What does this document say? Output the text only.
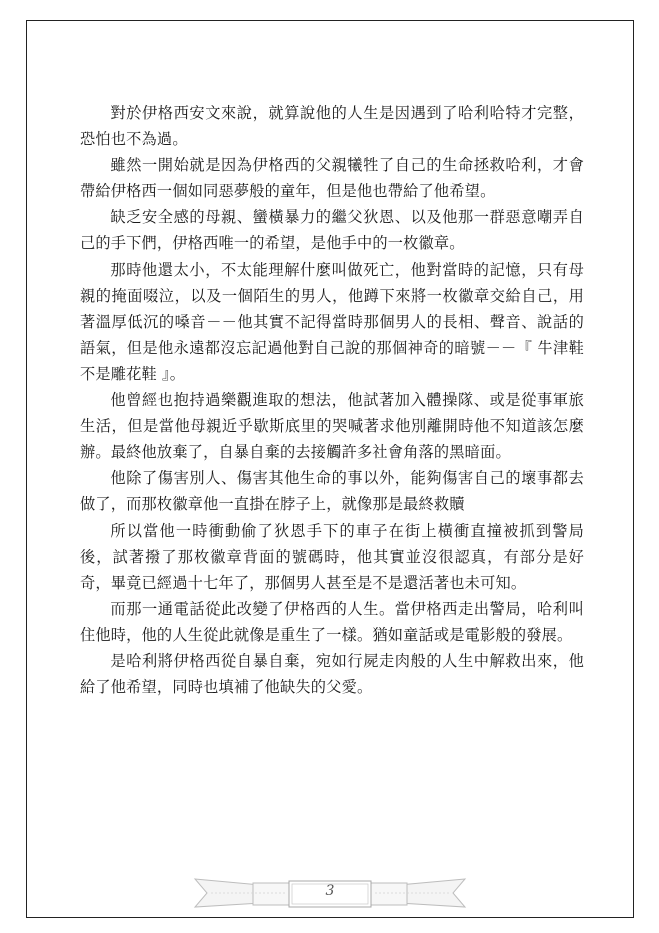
對於伊格西安文來說，就算說他的人生是因遇到了哈利哈特才完整，恐怕也不為過。

雖然一開始就是因為伊格西的父親犧牲了自己的生命拯救哈利，才會帶給伊格西一個如同惡夢般的童年，但是他也帶給了他希望。

缺乏安全感的母親、蠻橫暴力的繼父狄恩、以及他那一群惡意嘲弄自己的手下們，伊格西唯一的希望，是他手中的一枚徽章。

那時他還太小，不太能理解什麼叫做死亡，他對當時的記憶，只有母親的掩面啜泣，以及一個陌生的男人，他蹲下來將一枚徽章交給自己，用著溫厚低沉的嗓音－－他其實不記得當時那個男人的長相、聲音、說話的語氣，但是他永遠都沒忘記過他對自己說的那個神奇的暗號－－『 牛津鞋不是雕花鞋 』。

他曾經也抱持過樂觀進取的想法，他試著加入體操隊、或是從事軍旅生活，但是當他母親近乎歇斯底里的哭喊著求他別離開時他不知道該怎麼辦。最終他放棄了，自暴自棄的去接觸許多社會角落的黑暗面。

他除了傷害別人、傷害其他生命的事以外，能夠傷害自己的壞事都去做了，而那枚徽章他一直掛在脖子上，就像那是最終救贖

所以當他一時衝動偷了狄恩手下的車子在街上橫衝直撞被抓到警局後，試著撥了那枚徽章背面的號碼時，他其實並沒很認真，有部分是好奇，畢竟已經過十七年了，那個男人甚至是不是還活著也未可知。

而那一通電話從此改變了伊格西的人生。當伊格西走出警局，哈利叫住他時，他的人生從此就像是重生了一樣。猶如童話或是電影般的發展。

是哈利將伊格西從自暴自棄，宛如行屍走肉般的人生中解救出來，他給了他希望，同時也填補了他缺失的父愛。

3
